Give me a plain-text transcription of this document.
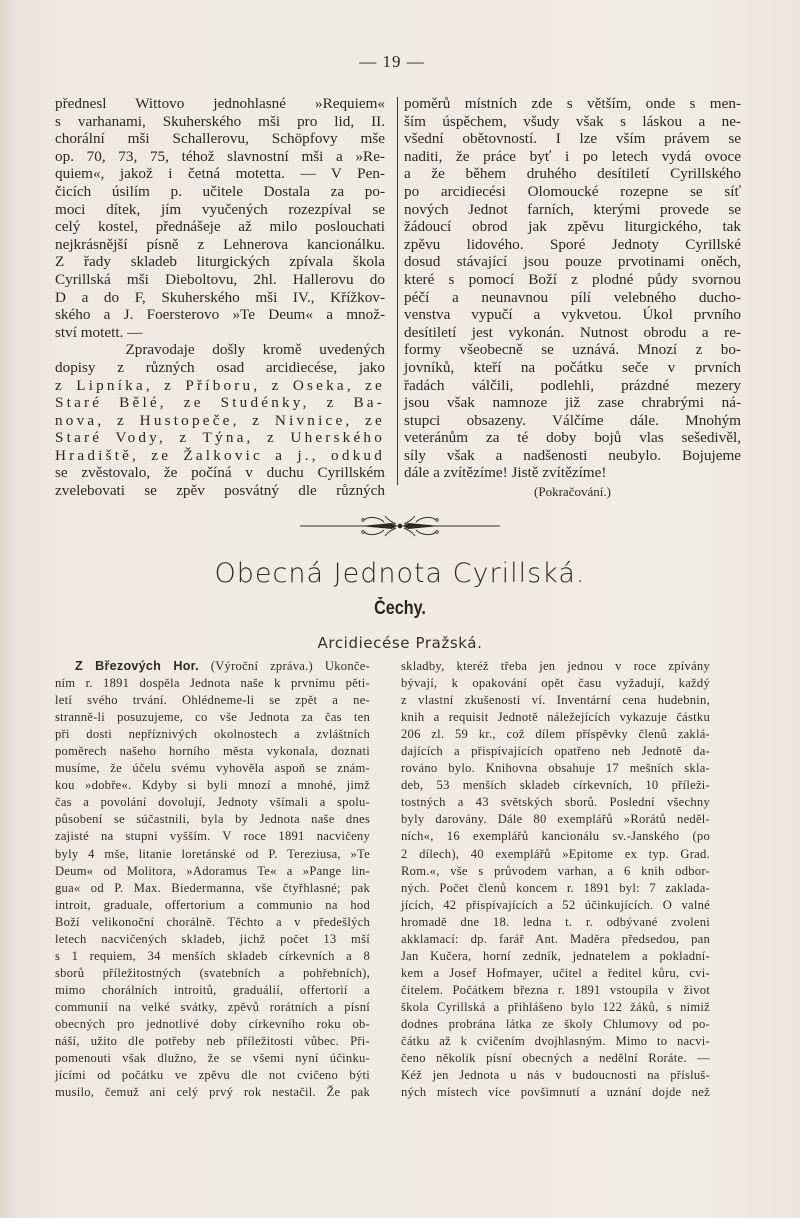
— 19 —
přednesl Wittovo jednohlasné »Requiem«
s varhanami, Skuherského mši pro lid, II.
chorální mši Schallerovu, Schöpfovy mše
op. 70, 73, 75, téhož slavnostní mši a »Re-
quiem«, jakož i četná motetta. — V Pen-
čicích úsilím p. učitele Dostala za po-
moci dítek, jím vyučených rozezpíval se
celý kostel, přednášeje až milo poslouchati
nejkrásnější písně z Lehnerova kancionálku.
Z řady skladeb liturgických zpívala škola
Cyrillská mši Dieboltovu, 2hl. Hallerovu do
D a do F, Skuherského mši IV., Křížkov-
ského a J. Foersterovo »Te Deum« a množ-
ství motett. —
Zpravodaje došly kromě uvedených
dopisy z různých osad arcidiecése, jako
z Lipníka, z Příboru, z Oseka, ze
Staré Bělé, ze Studénky, z Ba-
nova, z Hustopeče, z Nivnice, ze
Staré Vody, z Týna, z Uherského
Hradiště, ze Žalkovic a j., odkud
se zvěstovalo, že počíná v duchu Cyrillském
zvelebovati se zpěv posvátný dle různých
poměrů místních zde s větším, onde s men-
ším úspěchem, všudy však s láskou a ne-
všední obětovností. I lze vším právem se
naditi, že práce byť i po letech vydá ovoce
a že během druhého desítiletí Cyrillského
po arcidiecési Olomoucké rozepne se síť
nových Jednot farních, kterými provede se
žádoucí obrod jak zpěvu liturgického, tak
zpěvu lidového. Sporé Jednoty Cyrillské
dosud stávající jsou pouze prvotinami oněch,
které s pomocí Boží z plodné půdy svornou
péčí a neunavnou pílí velebného ducho-
venstva vypučí a vykvetou. Úkol prvního
desítiletí jest vykonán. Nutnost obrodu a re-
formy všeobecně se uznává. Mnozí z bo-
jovníků, kteří na počátku seče v prvních
řadách válčili, podlehli, prázdné mezery
jsou však namnoze již zase chrabrými ná-
stupci obsazeny. Válčíme dále. Mnohým
veteránům za té doby bojů vlas sešedivěl,
síly však a nadšenosti neubylo. Bojujeme
dále a zvítězíme! Jistě zvítězíme!
(Pokračování.)
Obecná Jednota Cyrillská.
Čechy.
Arcidiecése Pražská.
Z Březových Hor. (Výroční zpráva.) Ukonče-
ním r. 1891 dospěla Jednota naše k prvnímu pěti-
letí svého trvání. Ohlédneme-li se zpět a ne-
stranně-li posuzujeme, co vše Jednota za čas ten
při dosti nepříznivých okolnostech a zvláštních
poměrech našeho horního města vykonala, doznati
musíme, že účelu svému vyhověla aspoň se znám-
kou »dobře«. Kdyby si byli mnozí a mnohé, jimž
čas a povolání dovolují, Jednoty všímali a spolu-
působení se súčastnili, byla by Jednota naše dnes
zajisté na stupni vyšším. V roce 1891 nacvičeny
byly 4 mše, litanie loretánské od P. Tereziusa, »Te
Deum« od Molitora, »Adoramus Te« a »Pange lin-
gua« od P. Max. Biedermanna, vše čtyřhlasné; pak
introit, graduale, offertorium a communio na hod
Boží velikonoční chorálně. Těchto a v předešlých
letech nacvičených skladeb, jichž počet 13 mší
s 1 requiem, 34 menších skladeb církevních a 8
sborů příležitostných (svatebních a pohřebních),
mimo chorálních introitů, graduálií, offertorií a
communií na velké svátky, zpěvů rorátních a písní
obecných pro jednotlivé doby církevního roku ob-
náší, užito dle potřeby neb příležitosti vůbec. Při-
pomenouti však dlužno, že se všemi nyní účinku-
jícími od počátku ve zpěvu dle not cvičeno býti
musilo, čemuž ani celý prvý rok nestačil. Že pak
skladby, kteréž třeba jen jednou v roce zpívány
bývají, k opakování opět času vyžadují, každý
z vlastní zkušenosti ví. Inventární cena hudebnin,
knih a requisit Jednotě náležejících vykazuje částku
206 zl. 59 kr., což dílem příspěvky členů zaklá-
dajících a přispívajících opatřeno neb Jednotě da-
rováno bylo. Knihovna obsahuje 17 mešních skla-
deb, 53 menších skladeb církevních, 10 příleži-
tostných a 43 světských sborů. Poslední všechny
byly darovány. Dále 80 exemplářů »Rorátů neděl-
ních«, 16 exemplářů kancionálu sv.-Janského (po
2 dílech), 40 exemplářů »Epitome ex typ. Grad.
Rom.«, vše s průvodem varhan, a 6 knih odbor-
ných. Počet členů koncem r. 1891 byl: 7 zaklada-
jících, 42 přispívajících a 52 účinkujících. O valné
hromadě dne 18. ledna t. r. odbývané zvoleni
akklamací: dp. farář Ant. Maděra předsedou, pan
Jan Kučera, horní zedník, jednatelem a pokladní-
kem a Josef Hofmayer, učitel a ředitel kůru, cvi-
čitelem. Počátkem března r. 1891 vstoupila v život
škola Cyrillská a přihlášeno bylo 122 žáků, s nimiž
dodnes probrána látka ze školy Chlumovy od po-
čátku až k cvičením dvojhlasným. Mimo to nacvi-
čeno několik písní obecných a nedělní Roráte. —
Kéž jen Jednota u nás v budoucnosti na přísluš-
ných místech více povšimnutí a uznání dojde než
